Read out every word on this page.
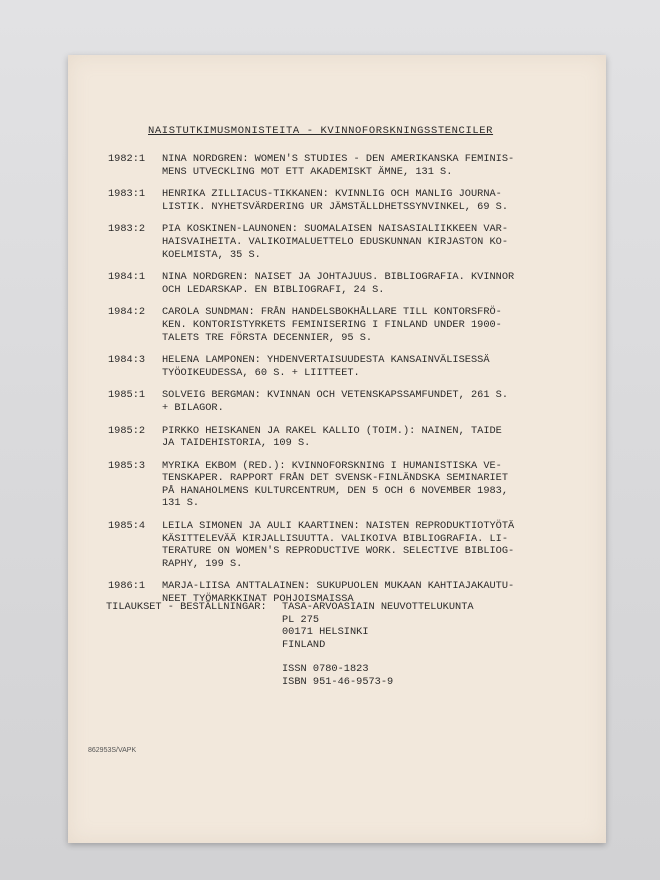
NAISTUTKIMUSMONISTEITA - KVINNOFORSKNINGSSTENCILER
1982:1	NINA NORDGREN: WOMEN'S STUDIES - DEN AMERIKANSKA FEMINIS-
MENS UTVECKLING MOT ETT AKADEMISKT ÄMNE, 131 S.
1983:1	HENRIKA ZILLIACUS-TIKKANEN: KVINNLIG OCH MANLIG JOURNA-
LISTIK. NYHETSVÄRDERING UR JÄMSTÄLLDHETSSYNVINKEL, 69 S.
1983:2	PIA KOSKINEN-LAUNONEN: SUOMALAISEN NAISASIALIIKKEEN VAR-
HAISVAIHEITA. VALIKOIMALUETTELO EDUSKUNNAN KIRJASTON KO-
KOELMISTA, 35 S.
1984:1	NINA NORDGREN: NAISET JA JOHTAJUUS. BIBLIOGRAFIA. KVINNOR
OCH LEDARSKAP. EN BIBLIOGRAFI, 24 S.
1984:2	CAROLA SUNDMAN: FRÅN HANDELSBOKHÅLLARE TILL KONTORSFRÖ-
KEN. KONTORISTYRKETS FEMINISERING I FINLAND UNDER 1900-
TALETS TRE FÖRSTA DECENNIER, 95 S.
1984:3	HELENA LAMPONEN: YHDENVERTAISUUDESTA KANSAINVÄLISESSÄ
TYÖOIKEUDESSA, 60 S. + LIITTEET.
1985:1	SOLVEIG BERGMAN: KVINNAN OCH VETENSKAPSSAMFUNDET, 261 S.
+ BILAGOR.
1985:2	PIRKKO HEISKANEN JA RAKEL KALLIO (TOIM.): NAINEN, TAIDE
JA TAIDEHISTORIA, 109 S.
1985:3	MYRIKA EKBOM (RED.): KVINNOFORSKNING I HUMANISTISKA VE-
TENSKAPER. RAPPORT FRÅN DET SVENSK-FINLÄNDSKA SEMINARIET
PÅ HANAHOLMENS KULTURCENTRUM, DEN 5 OCH 6 NOVEMBER 1983,
131 S.
1985:4	LEILA SIMONEN JA AULI KAARTINEN: NAISTEN REPRODUKTIOTYÖTÄ
KÄSITTELEVÄÄ KIRJALLISUUTTA. VALIKOIVA BIBLIOGRAFIA. LI-
TERATURE ON WOMEN'S REPRODUCTIVE WORK. SELECTIVE BIBLIOG-
RAPHY, 199 S.
1986:1	MARJA-LIISA ANTTALAINEN: SUKUPUOLEN MUKAAN KAHTIAJAKAUTU-
NEET TYÖMARKKINAT POHJOISMAISSA
TILAUKSET - BESTÄLLNINGAR:	TASA-ARVOASIAIN NEUVOTTELUKUNTA
PL 275
00171 HELSINKI
FINLAND
ISSN 0780-1823
ISBN 951-46-9573-9
862953S/VAPK
